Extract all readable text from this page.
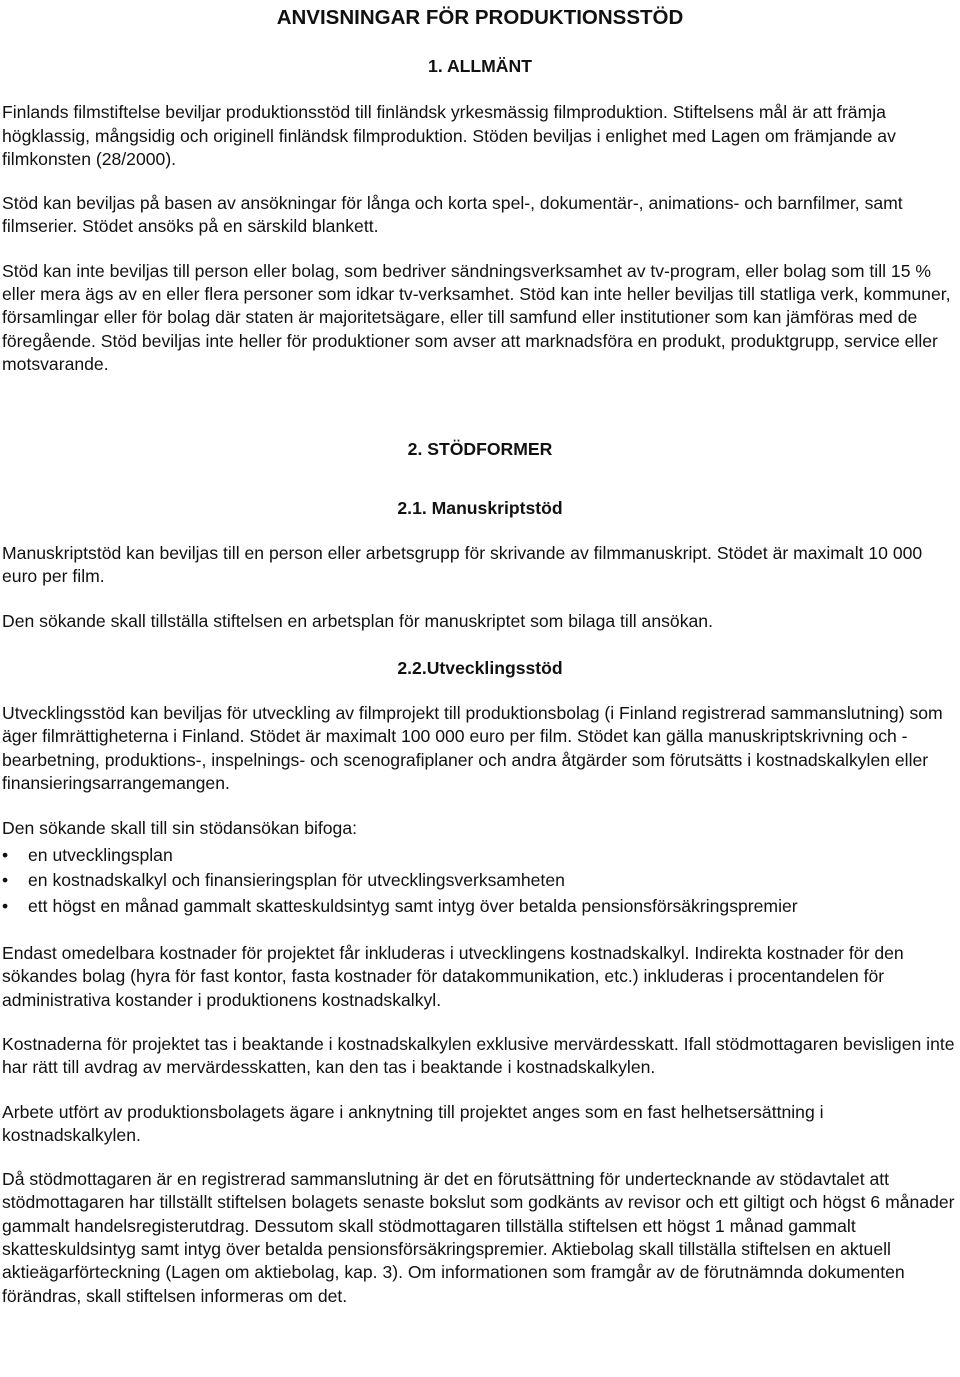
ANVISNINGAR FÖR PRODUKTIONSSTÖD
1. ALLMÄNT

Finlands filmstiftelse beviljar produktionsstöd till finländsk yrkesmässig filmproduktion. Stiftelsens mål är att främja högklassig, mångsidig och originell finländsk filmproduktion. Stöden beviljas i enlighet med Lagen om främjande av filmkonsten (28/2000).

Stöd kan beviljas på basen av ansökningar för långa och korta spel-, dokumentär-, animations- och barnfilmer, samt filmserier. Stödet ansöks på en särskild blankett.

Stöd kan inte beviljas till person eller bolag, som bedriver sändningsverksamhet av tv-program, eller bolag som till 15 % eller mera ägs av en eller flera personer som idkar tv-verksamhet. Stöd kan inte heller beviljas till statliga verk, kommuner, församlingar eller för bolag där staten är majoritetsägare, eller till samfund eller institutioner som kan jämföras med de föregående. Stöd beviljas inte heller för produktioner som avser att marknadsföra en produkt, produktgrupp, service eller motsvarande.

2. STÖDFORMER
2.1. Manuskriptstöd

Manuskriptstöd kan beviljas till en person eller arbetsgrupp för skrivande av filmmanuskript. Stödet är maximalt 10 000 euro per film.

Den sökande skall tillställa stiftelsen en arbetsplan för manuskriptet som bilaga till ansökan.

2.2.Utvecklingsstöd

Utvecklingsstöd kan beviljas för utveckling av filmprojekt till produktionsbolag (i Finland registrerad sammanslutning) som äger filmrättigheterna i Finland. Stödet är maximalt 100 000 euro per film. Stödet kan gälla manuskriptskrivning och -bearbetning, produktions-, inspelnings- och scenografiplaner och andra åtgärder som förutsätts i kostnadskalkylen eller finansieringsarrangemangen.

Den sökande skall till sin stödansökan bifoga:

•	en utvecklingsplan
•	en kostnadskalkyl och finansieringsplan för utvecklingsverksamheten
•	ett högst en månad gammalt skatteskuldsintyg samt intyg över betalda pensionsförsäkringspremier

Endast omedelbara kostnader för projektet får inkluderas i utvecklingens kostnadskalkyl. Indirekta kostnader för den sökandes bolag (hyra för fast kontor, fasta kostnader för datakommunikation, etc.) inkluderas i procentandelen för administrativa kostander i produktionens kostnadskalkyl.

Kostnaderna för projektet tas i beaktande i kostnadskalkylen exklusive mervärdesskatt. Ifall stödmottagaren bevisligen inte har rätt till avdrag av mervärdesskatten, kan den tas i beaktande i kostnadskalkylen.

Arbete utfört av produktionsbolagets ägare i anknytning till projektet anges som en fast helhetsersättning i kostnadskalkylen.

Då stödmottagaren är en registrerad sammanslutning är det en förutsättning för undertecknande av stödavtalet att stödmottagaren har tillställt stiftelsen bolagets senaste bokslut som godkänts av revisor och ett giltigt och högst 6 månader gammalt handelsregisterutdrag. Dessutom skall stödmottagaren tillställa stiftelsen ett högst 1 månad gammalt skatteskuldsintyg samt intyg över betalda pensionsförsäkringspremier. Aktiebolag skall tillställa stiftelsen en aktuell aktieägarförteckning (Lagen om aktiebolag, kap. 3). Om informationen som framgår av de förutnämnda dokumenten förändras, skall stiftelsen informeras om det.
